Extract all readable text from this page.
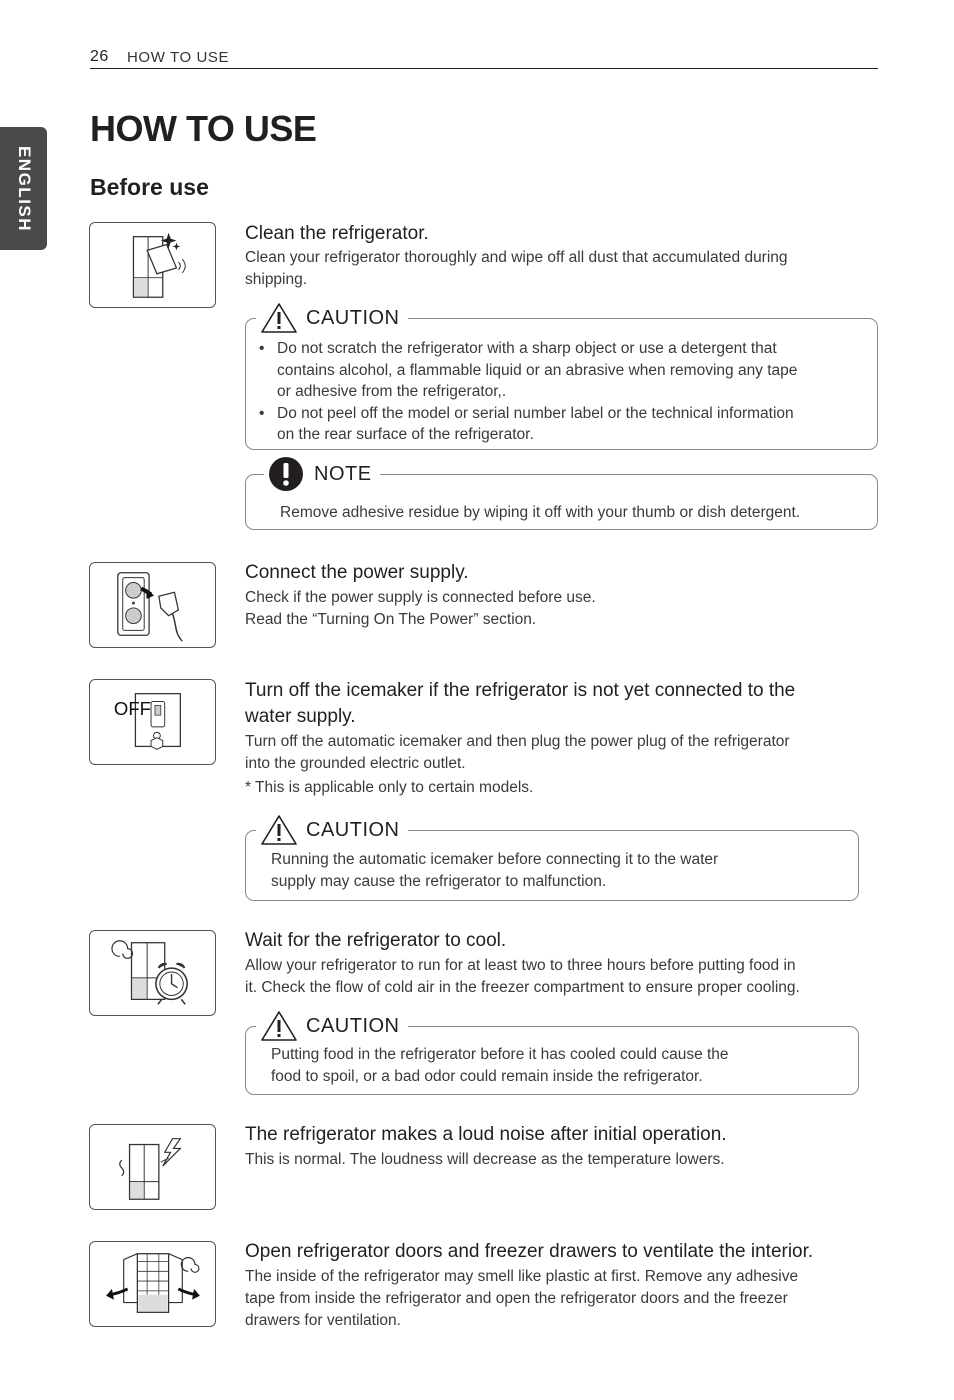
26 HOW TO USE
ENGLISH
HOW TO USE
Before use
Clean the refrigerator.
Clean your refrigerator thoroughly and wipe off all dust that accumulated during
shipping.
CAUTION
• Do not scratch the refrigerator with a sharp object or use a detergent that
contains alcohol, a flammable liquid or an abrasive when removing any tape
or adhesive from the refrigerator,.
• Do not peel off the model or serial number label or the technical information
on the rear surface of the refrigerator.
NOTE

Remove adhesive residue by wiping it off with your thumb or dish detergent.

Connect the power supply.
Check if the power supply is connected before use.
Read the “Turning On The Power” section.
OFF
Turn off the icemaker if the refrigerator is not yet connected to the
water supply.
Turn off the automatic icemaker and then plug the power plug of the refrigerator
into the grounded electric outlet.
* This is applicable only to certain models.
CAUTION

Running the automatic icemaker before connecting it to the water
supply may cause the refrigerator to malfunction.

Wait for the refrigerator to cool.
Allow your refrigerator to run for at least two to three hours before putting food in
it. Check the flow of cold air in the freezer compartment to ensure proper cooling.
CAUTION

Putting food in the refrigerator before it has cooled could cause the
food to spoil, or a bad odor could remain inside the refrigerator.

The refrigerator makes a loud noise after initial operation.
This is normal. The loudness will decrease as the temperature lowers.
Open refrigerator doors and freezer drawers to ventilate the interior.
The inside of the refrigerator may smell like plastic at first. Remove any adhesive
tape from inside the refrigerator and open the refrigerator doors and the freezer
drawers for ventilation.
